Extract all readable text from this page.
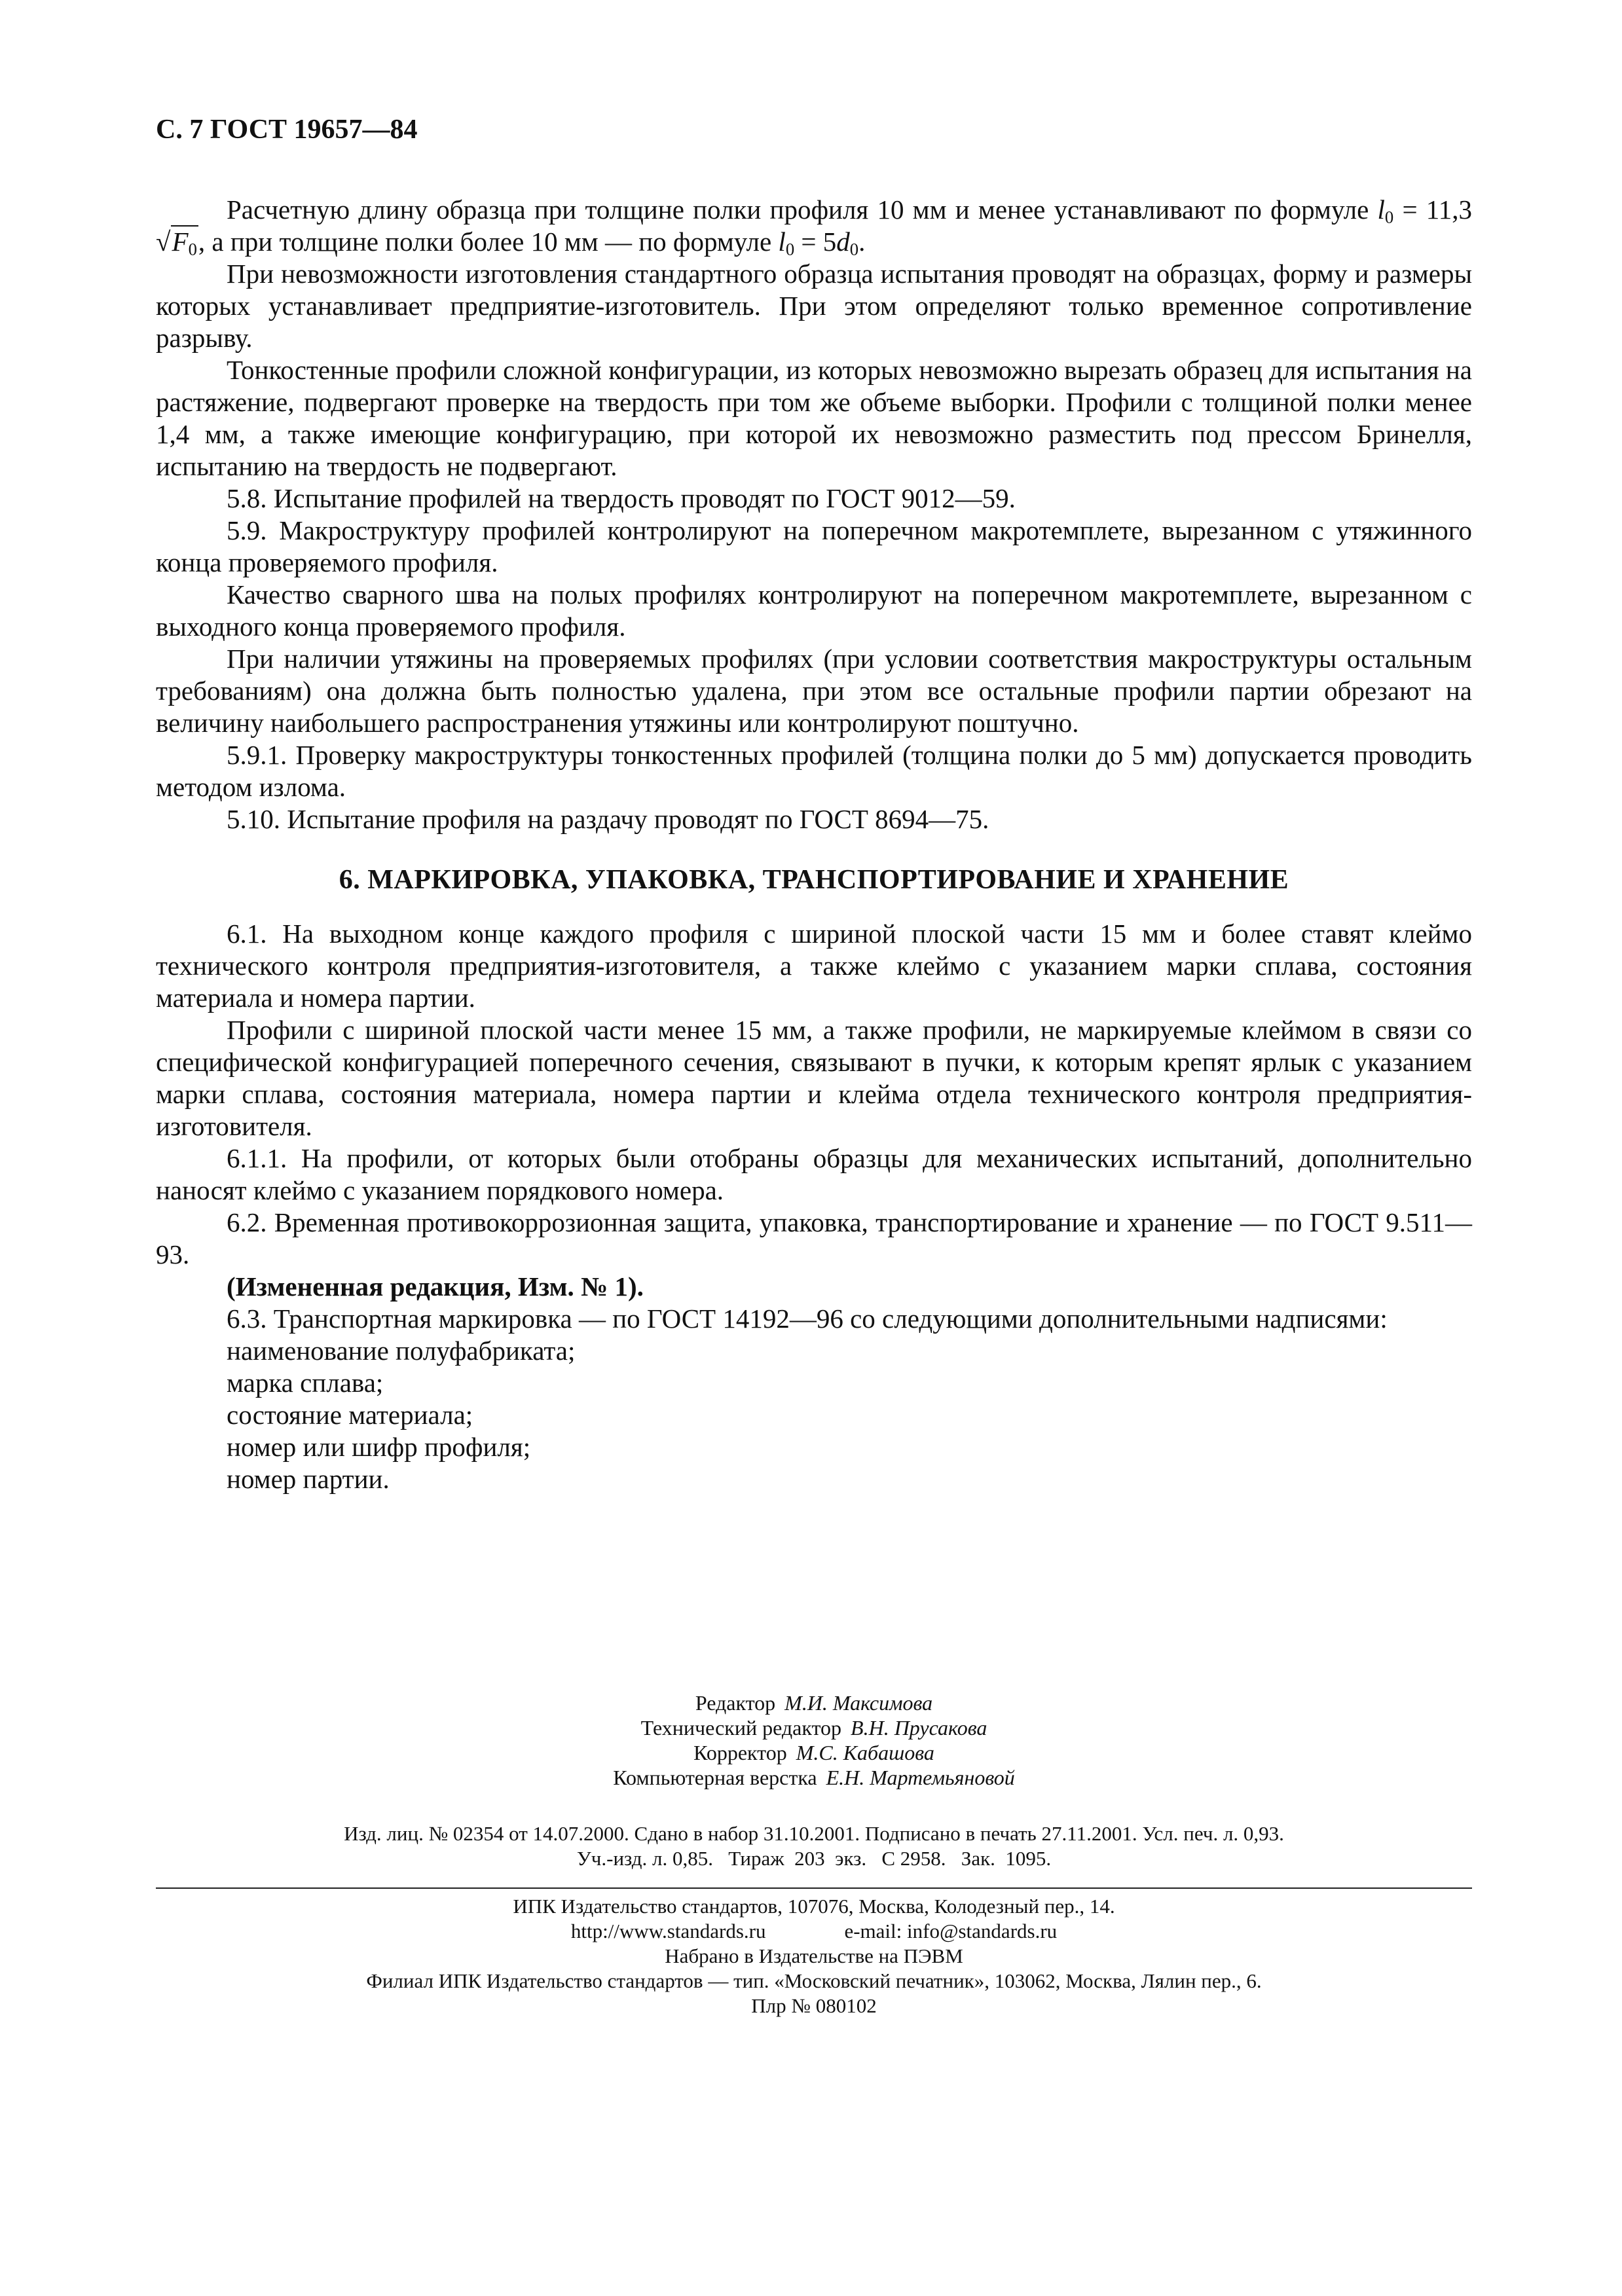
С. 7 ГОСТ 19657—84

Расчетную длину образца при толщине полки профиля 10 мм и менее устанавливают по формуле $l_0 = 11,3$ $√F_0$, а при толщине полки более 10 мм — по формуле $l_0 = 5d_0$.

При невозможности изготовления стандартного образца испытания проводят на образцах, форму и размеры которых устанавливает предприятие-изготовитель. При этом определяют только временное сопротивление разрыву.

Тонкостенные профили сложной конфигурации, из которых невозможно вырезать образец для испытания на растяжение, подвергают проверке на твердость при том же объеме выборки. Профили с толщиной полки менее 1,4 мм, а также имеющие конфигурацию, при которой их невозможно разместить под прессом Бринелля, испытанию на твердость не подвергают.

5.8. Испытание профилей на твердость проводят по ГОСТ 9012—59.

5.9. Макроструктуру профилей контролируют на поперечном макротемплете, вырезанном с утяжинного конца проверяемого профиля.

Качество сварного шва на полых профилях контролируют на поперечном макротемплете, вырезанном с выходного конца проверяемого профиля.

При наличии утяжины на проверяемых профилях (при условии соответствия макроструктуры остальным требованиям) она должна быть полностью удалена, при этом все остальные профили партии обрезают на величину наибольшего распространения утяжины или контролируют поштучно.

5.9.1. Проверку макроструктуры тонкостенных профилей (толщина полки до 5 мм) допускается проводить методом излома.

5.10. Испытание профиля на раздачу проводят по ГОСТ 8694—75.

6. МАРКИРОВКА, УПАКОВКА, ТРАНСПОРТИРОВАНИЕ И ХРАНЕНИЕ

6.1. На выходном конце каждого профиля с шириной плоской части 15 мм и более ставят клеймо технического контроля предприятия-изготовителя, а также клеймо с указанием марки сплава, состояния материала и номера партии.

Профили с шириной плоской части менее 15 мм, а также профили, не маркируемые клеймом в связи со специфической конфигурацией поперечного сечения, связывают в пучки, к которым крепят ярлык с указанием марки сплава, состояния материала, номера партии и клейма отдела технического контроля предприятия-изготовителя.

6.1.1. На профили, от которых были отобраны образцы для механических испытаний, дополнительно наносят клеймо с указанием порядкового номера.

6.2. Временная противокоррозионная защита, упаковка, транспортирование и хранение — по ГОСТ 9.511—93.

(Измененная редакция, Изм. № 1).

6.3. Транспортная маркировка — по ГОСТ 14192—96 со следующими дополнительными надписями:

наименование полуфабриката;
марка сплава;
состояние материала;
номер или шифр профиля;
номер партии.
Редактор М.И. Максимова
Технический редактор В.Н. Прусакова
Корректор М.С. Кабашова
Компьютерная верстка Е.Н. Мартемьяновой
Изд. лиц. № 02354 от 14.07.2000. Сдано в набор 31.10.2001. Подписано в печать 27.11.2001. Усл. печ. л. 0,93.
Уч.-изд. л. 0,85.   Тираж  203  экз.   С 2958.   Зак.  1095.
ИПК Издательство стандартов, 107076, Москва, Колодезный пер., 14.
http://www.standards.ru	e-mail: info@standards.ru
Набрано в Издательстве на ПЭВМ
Филиал ИПК Издательство стандартов — тип. «Московский печатник», 103062, Москва, Лялин пер., 6.
Плр № 080102
